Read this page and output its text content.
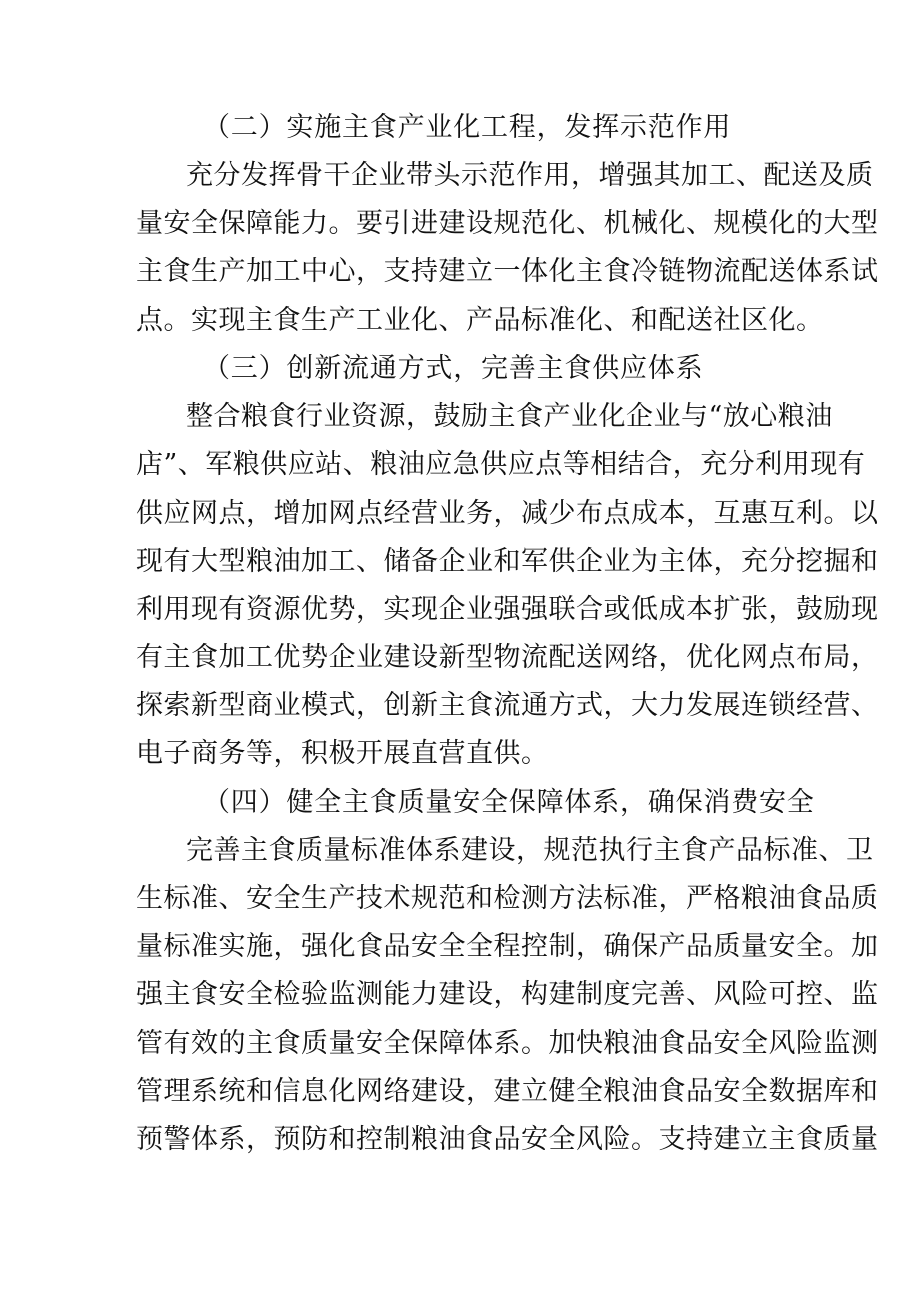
（二）实施主食产业化工程，发挥示范作用
充分发挥骨干企业带头示范作用，增强其加工、配送及质
量安全保障能力。要引进建设规范化、机械化、规模化的大型
主食生产加工中心，支持建立一体化主食冷链物流配送体系试
点。实现主食生产工业化、产品标准化、和配送社区化。
（三）创新流通方式，完善主食供应体系
整合粮食行业资源，鼓励主食产业化企业与“放心粮油
店”、军粮供应站、粮油应急供应点等相结合，充分利用现有
供应网点，增加网点经营业务，减少布点成本，互惠互利。以
现有大型粮油加工、储备企业和军供企业为主体，充分挖掘和
利用现有资源优势，实现企业强强联合或低成本扩张，鼓励现
有主食加工优势企业建设新型物流配送网络，优化网点布局，
探索新型商业模式，创新主食流通方式，大力发展连锁经营、
电子商务等，积极开展直营直供。
（四）健全主食质量安全保障体系，确保消费安全
完善主食质量标准体系建设，规范执行主食产品标准、卫
生标准、安全生产技术规范和检测方法标准，严格粮油食品质
量标准实施，强化食品安全全程控制，确保产品质量安全。加
强主食安全检验监测能力建设，构建制度完善、风险可控、监
管有效的主食质量安全保障体系。加快粮油食品安全风险监测
管理系统和信息化网络建设，建立健全粮油食品安全数据库和
预警体系，预防和控制粮油食品安全风险。支持建立主食质量
